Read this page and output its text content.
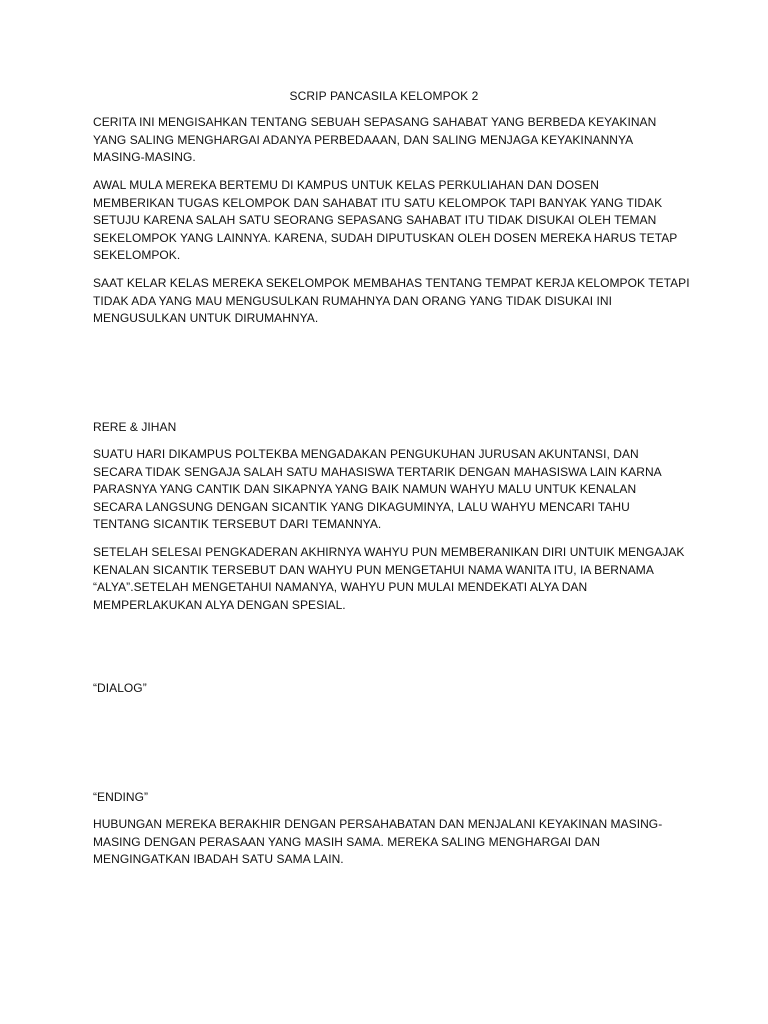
SCRIP PANCASILA KELOMPOK 2
CERITA INI MENGISAHKAN TENTANG SEBUAH SEPASANG SAHABAT YANG BERBEDA KEYAKINAN
YANG SALING MENGHARGAI ADANYA PERBEDAAAN, DAN SALING MENJAGA KEYAKINANNYA
MASING-MASING.
AWAL MULA MEREKA BERTEMU DI KAMPUS UNTUK KELAS PERKULIAHAN DAN DOSEN
MEMBERIKAN TUGAS KELOMPOK DAN SAHABAT ITU SATU KELOMPOK TAPI BANYAK YANG TIDAK
SETUJU KARENA SALAH SATU SEORANG SEPASANG SAHABAT ITU TIDAK DISUKAI OLEH TEMAN
SEKELOMPOK YANG LAINNYA. KARENA, SUDAH DIPUTUSKAN OLEH DOSEN MEREKA HARUS TETAP
SEKELOMPOK.
SAAT KELAR KELAS MEREKA SEKELOMPOK MEMBAHAS TENTANG TEMPAT KERJA KELOMPOK TETAPI
TIDAK ADA YANG MAU MENGUSULKAN RUMAHNYA DAN ORANG YANG TIDAK DISUKAI INI
MENGUSULKAN UNTUK DIRUMAHNYA.
RERE & JIHAN
SUATU HARI DIKAMPUS POLTEKBA MENGADAKAN PENGUKUHAN JURUSAN AKUNTANSI, DAN
SECARA TIDAK SENGAJA SALAH SATU MAHASISWA TERTARIK DENGAN MAHASISWA LAIN KARNA
PARASNYA YANG CANTIK DAN SIKAPNYA YANG BAIK NAMUN WAHYU MALU UNTUK KENALAN
SECARA LANGSUNG DENGAN SICANTIK YANG DIKAGUMINYA, LALU WAHYU MENCARI TAHU
TENTANG SICANTIK TERSEBUT DARI TEMANNYA.
SETELAH SELESAI PENGKADERAN AKHIRNYA WAHYU PUN MEMBERANIKAN DIRI UNTUIK MENGAJAK
KENALAN SICANTIK TERSEBUT DAN WAHYU PUN MENGETAHUI NAMA WANITA ITU, IA BERNAMA
“ALYA”.SETELAH MENGETAHUI NAMANYA, WAHYU PUN MULAI MENDEKATI ALYA DAN
MEMPERLAKUKAN ALYA DENGAN SPESIAL.
“DIALOG”
“ENDING”
HUBUNGAN MEREKA BERAKHIR DENGAN PERSAHABATAN DAN MENJALANI KEYAKINAN MASING-
MASING DENGAN PERASAAN YANG MASIH SAMA. MEREKA SALING MENGHARGAI DAN
MENGINGATKAN IBADAH SATU SAMA LAIN.
